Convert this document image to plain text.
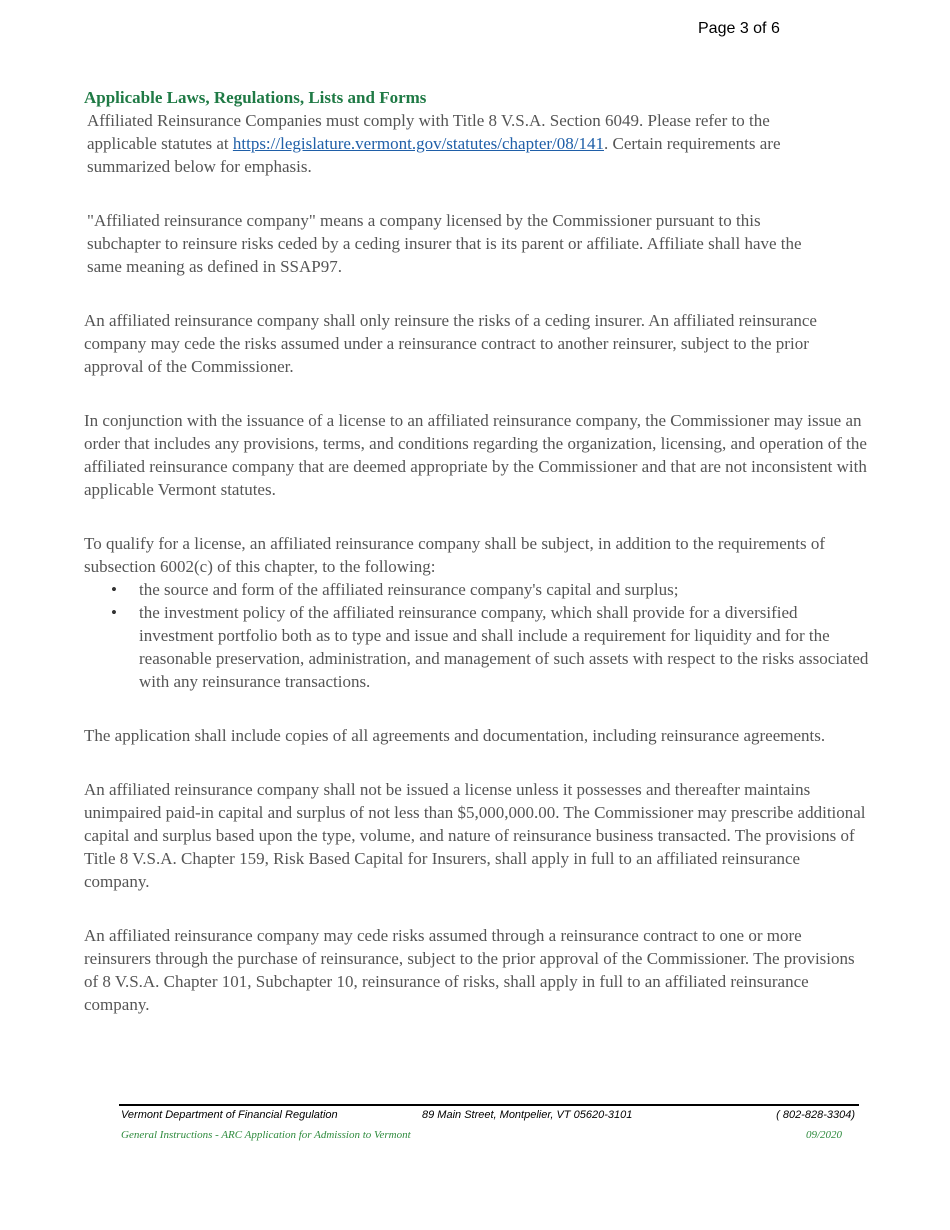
Page 3 of 6
Applicable Laws, Regulations, Lists and Forms

Affiliated Reinsurance Companies must comply with Title 8 V.S.A. Section 6049. Please refer to the applicable statutes at https://legislature.vermont.gov/statutes/chapter/08/141. Certain requirements are summarized below for emphasis.

"Affiliated reinsurance company" means a company licensed by the Commissioner pursuant to this subchapter to reinsure risks ceded by a ceding insurer that is its parent or affiliate. Affiliate shall have the same meaning as defined in SSAP97.

An affiliated reinsurance company shall only reinsure the risks of a ceding insurer. An affiliated reinsurance company may cede the risks assumed under a reinsurance contract to another reinsurer, subject to the prior approval of the Commissioner.

In conjunction with the issuance of a license to an affiliated reinsurance company, the Commissioner may issue an order that includes any provisions, terms, and conditions regarding the organization, licensing, and operation of the affiliated reinsurance company that are deemed appropriate by the Commissioner and that are not inconsistent with applicable Vermont statutes.

To qualify for a license, an affiliated reinsurance company shall be subject, in addition to the requirements of subsection 6002(c) of this chapter, to the following:

• the source and form of the affiliated reinsurance company's capital and surplus;
• the investment policy of the affiliated reinsurance company, which shall provide for a diversified investment portfolio both as to type and issue and shall include a requirement for liquidity and for the reasonable preservation, administration, and management of such assets with respect to the risks associated with any reinsurance transactions.

The application shall include copies of all agreements and documentation, including reinsurance agreements.

An affiliated reinsurance company shall not be issued a license unless it possesses and thereafter maintains unimpaired paid-in capital and surplus of not less than $5,000,000.00. The Commissioner may prescribe additional capital and surplus based upon the type, volume, and nature of reinsurance business transacted. The provisions of Title 8 V.S.A. Chapter 159, Risk Based Capital for Insurers, shall apply in full to an affiliated reinsurance company.

An affiliated reinsurance company may cede risks assumed through a reinsurance contract to one or more reinsurers through the purchase of reinsurance, subject to the prior approval of the Commissioner. The provisions of 8 V.S.A. Chapter 101, Subchapter 10, reinsurance of risks, shall apply in full to an affiliated reinsurance company.

Vermont Department of Financial Regulation	89 Main Street, Montpelier, VT 05620-3101	( 802-828-3304)
General Instructions - ARC Application for Admission to Vermont	09/2020
